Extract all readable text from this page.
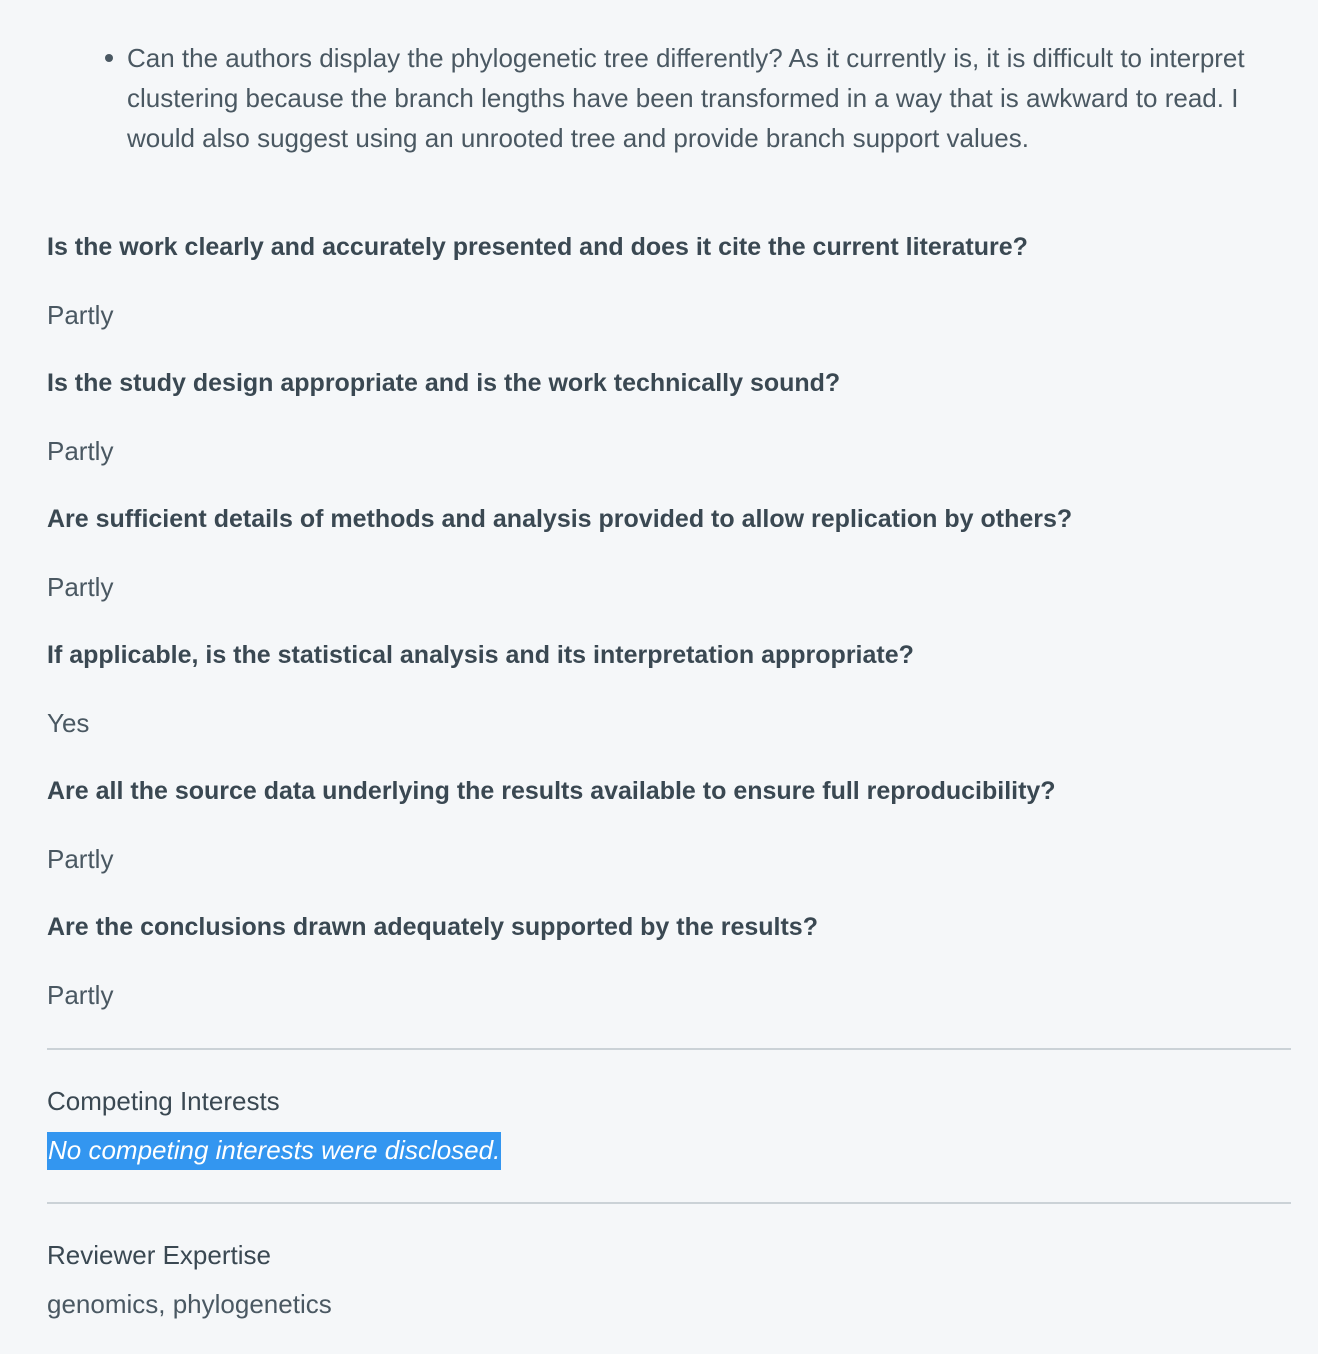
Can the authors display the phylogenetic tree differently? As it currently is, it is difficult to interpret clustering because the branch lengths have been transformed in a way that is awkward to read. I would also suggest using an unrooted tree and provide branch support values.
Is the work clearly and accurately presented and does it cite the current literature?
Partly
Is the study design appropriate and is the work technically sound?
Partly
Are sufficient details of methods and analysis provided to allow replication by others?
Partly
If applicable, is the statistical analysis and its interpretation appropriate?
Yes
Are all the source data underlying the results available to ensure full reproducibility?
Partly
Are the conclusions drawn adequately supported by the results?
Partly
Competing Interests
No competing interests were disclosed.
Reviewer Expertise
genomics, phylogenetics
